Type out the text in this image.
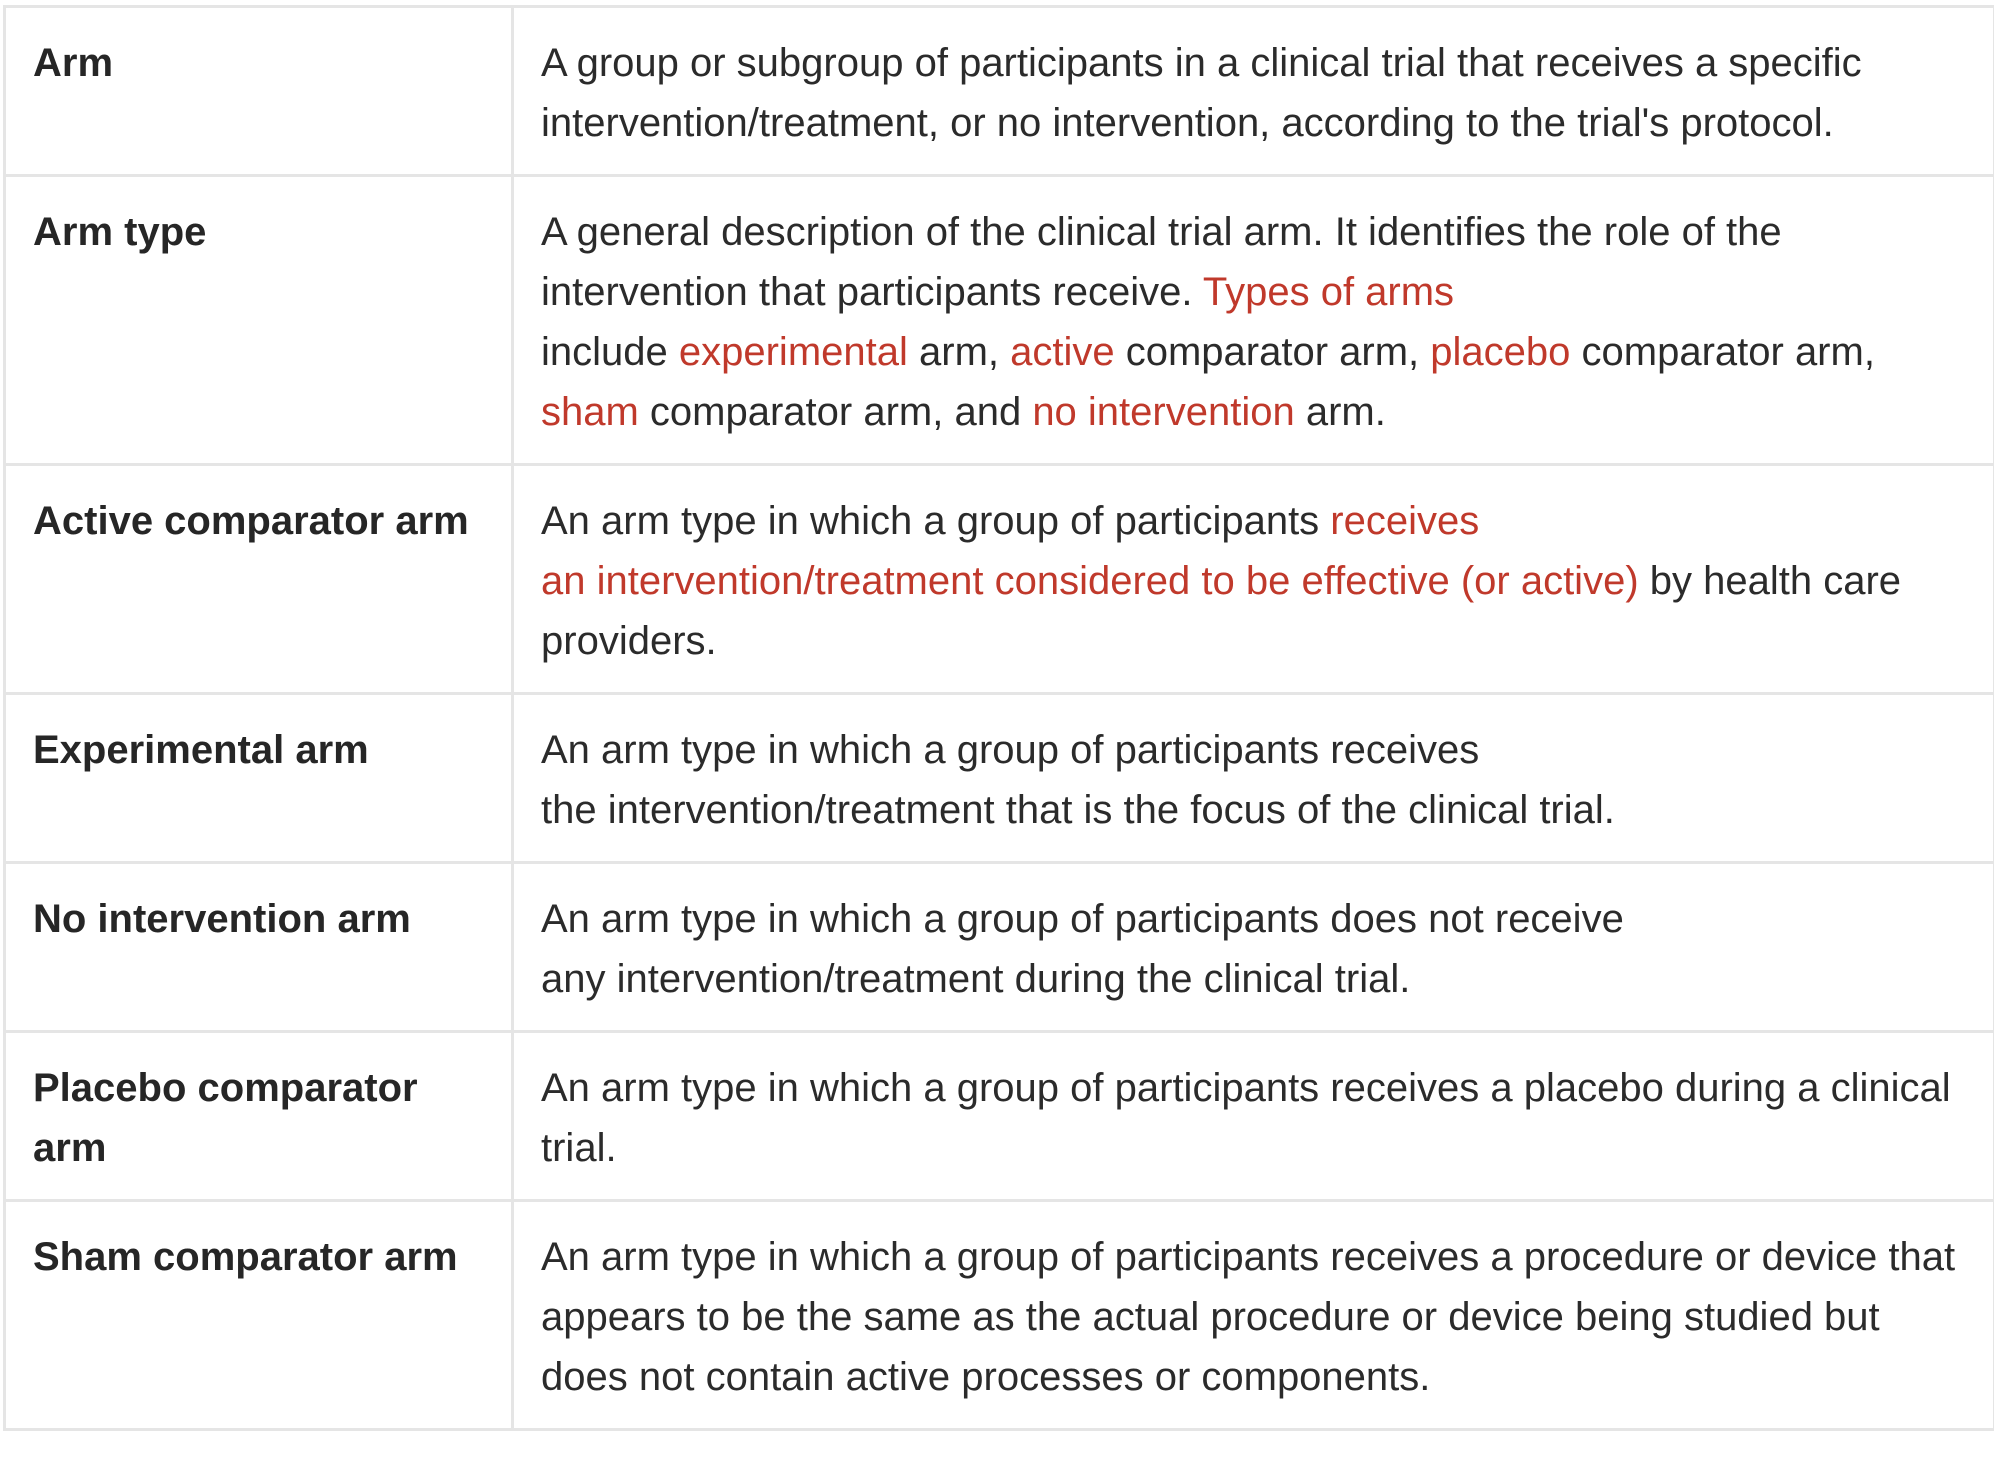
Arm	A group or subgroup of participants in a clinical trial that receives a specific intervention/treatment, or no intervention, according to the trial's protocol.
Arm type	A general description of the clinical trial arm. It identifies the role of the intervention that participants receive. Types of arms
include experimental arm, active comparator arm, placebo comparator arm, sham comparator arm, and no intervention arm.
Active comparator arm	An arm type in which a group of participants receives
an intervention/treatment considered to be effective (or active) by health care providers.
Experimental arm	An arm type in which a group of participants receives
the intervention/treatment that is the focus of the clinical trial.
No intervention arm	An arm type in which a group of participants does not receive
any intervention/treatment during the clinical trial.
Placebo comparator arm	An arm type in which a group of participants receives a placebo during a clinical trial.
Sham comparator arm	An arm type in which a group of participants receives a procedure or device that appears to be the same as the actual procedure or device being studied but does not contain active processes or components.
